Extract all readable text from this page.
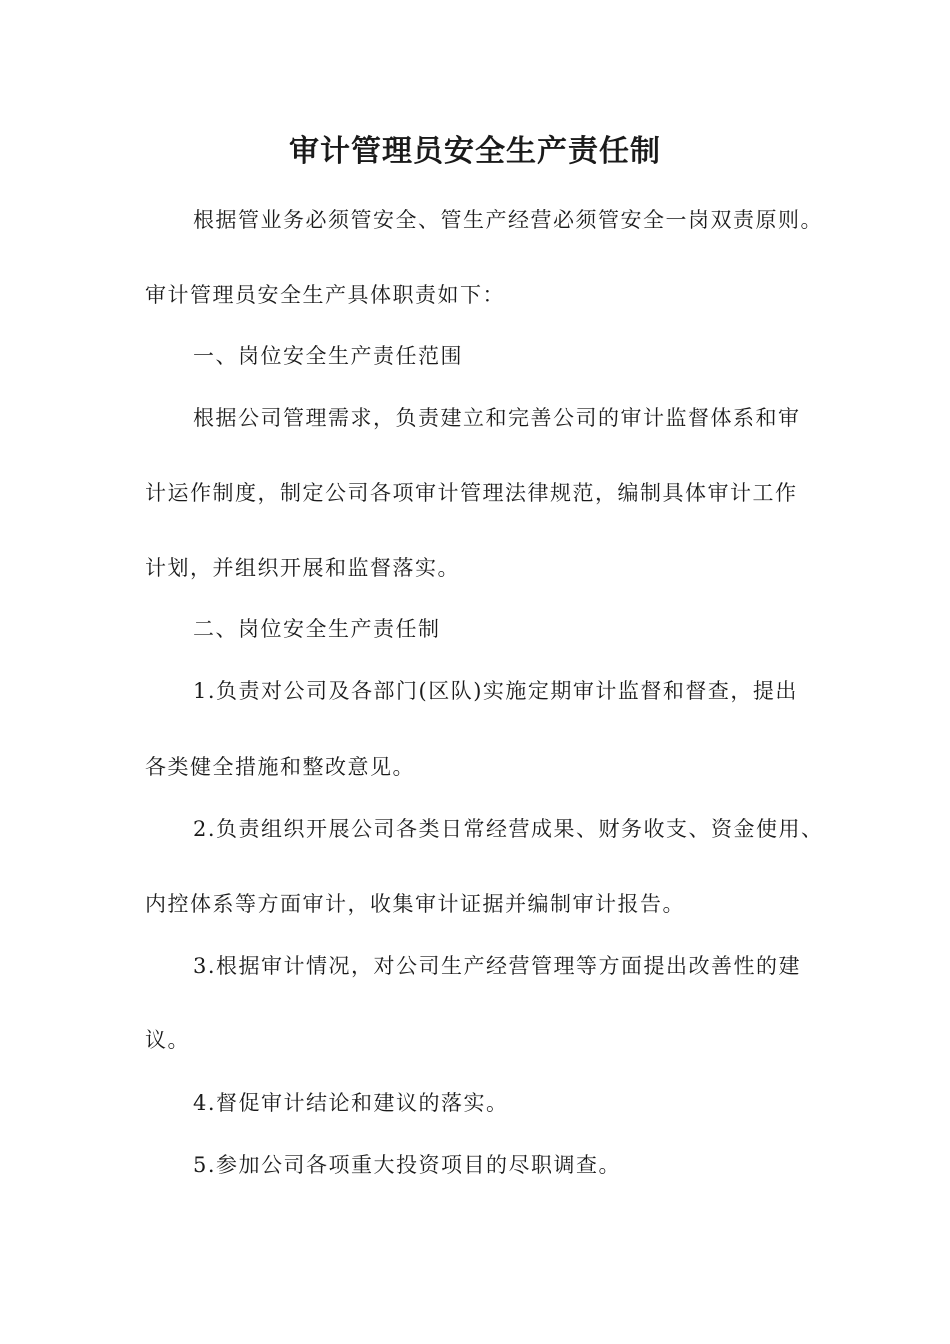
审计管理员安全生产责任制
根据管业务必须管安全、管生产经营必须管安全一岗双责原则。
审计管理员安全生产具体职责如下：
一、岗位安全生产责任范围
根据公司管理需求，负责建立和完善公司的审计监督体系和审
计运作制度，制定公司各项审计管理法律规范，编制具体审计工作
计划，并组织开展和监督落实。
二、岗位安全生产责任制
1.负责对公司及各部门(区队)实施定期审计监督和督查，提出
各类健全措施和整改意见。
2.负责组织开展公司各类日常经营成果、财务收支、资金使用、
内控体系等方面审计，收集审计证据并编制审计报告。
3.根据审计情况，对公司生产经营管理等方面提出改善性的建
议。
4.督促审计结论和建议的落实。
5.参加公司各项重大投资项目的尽职调查。
